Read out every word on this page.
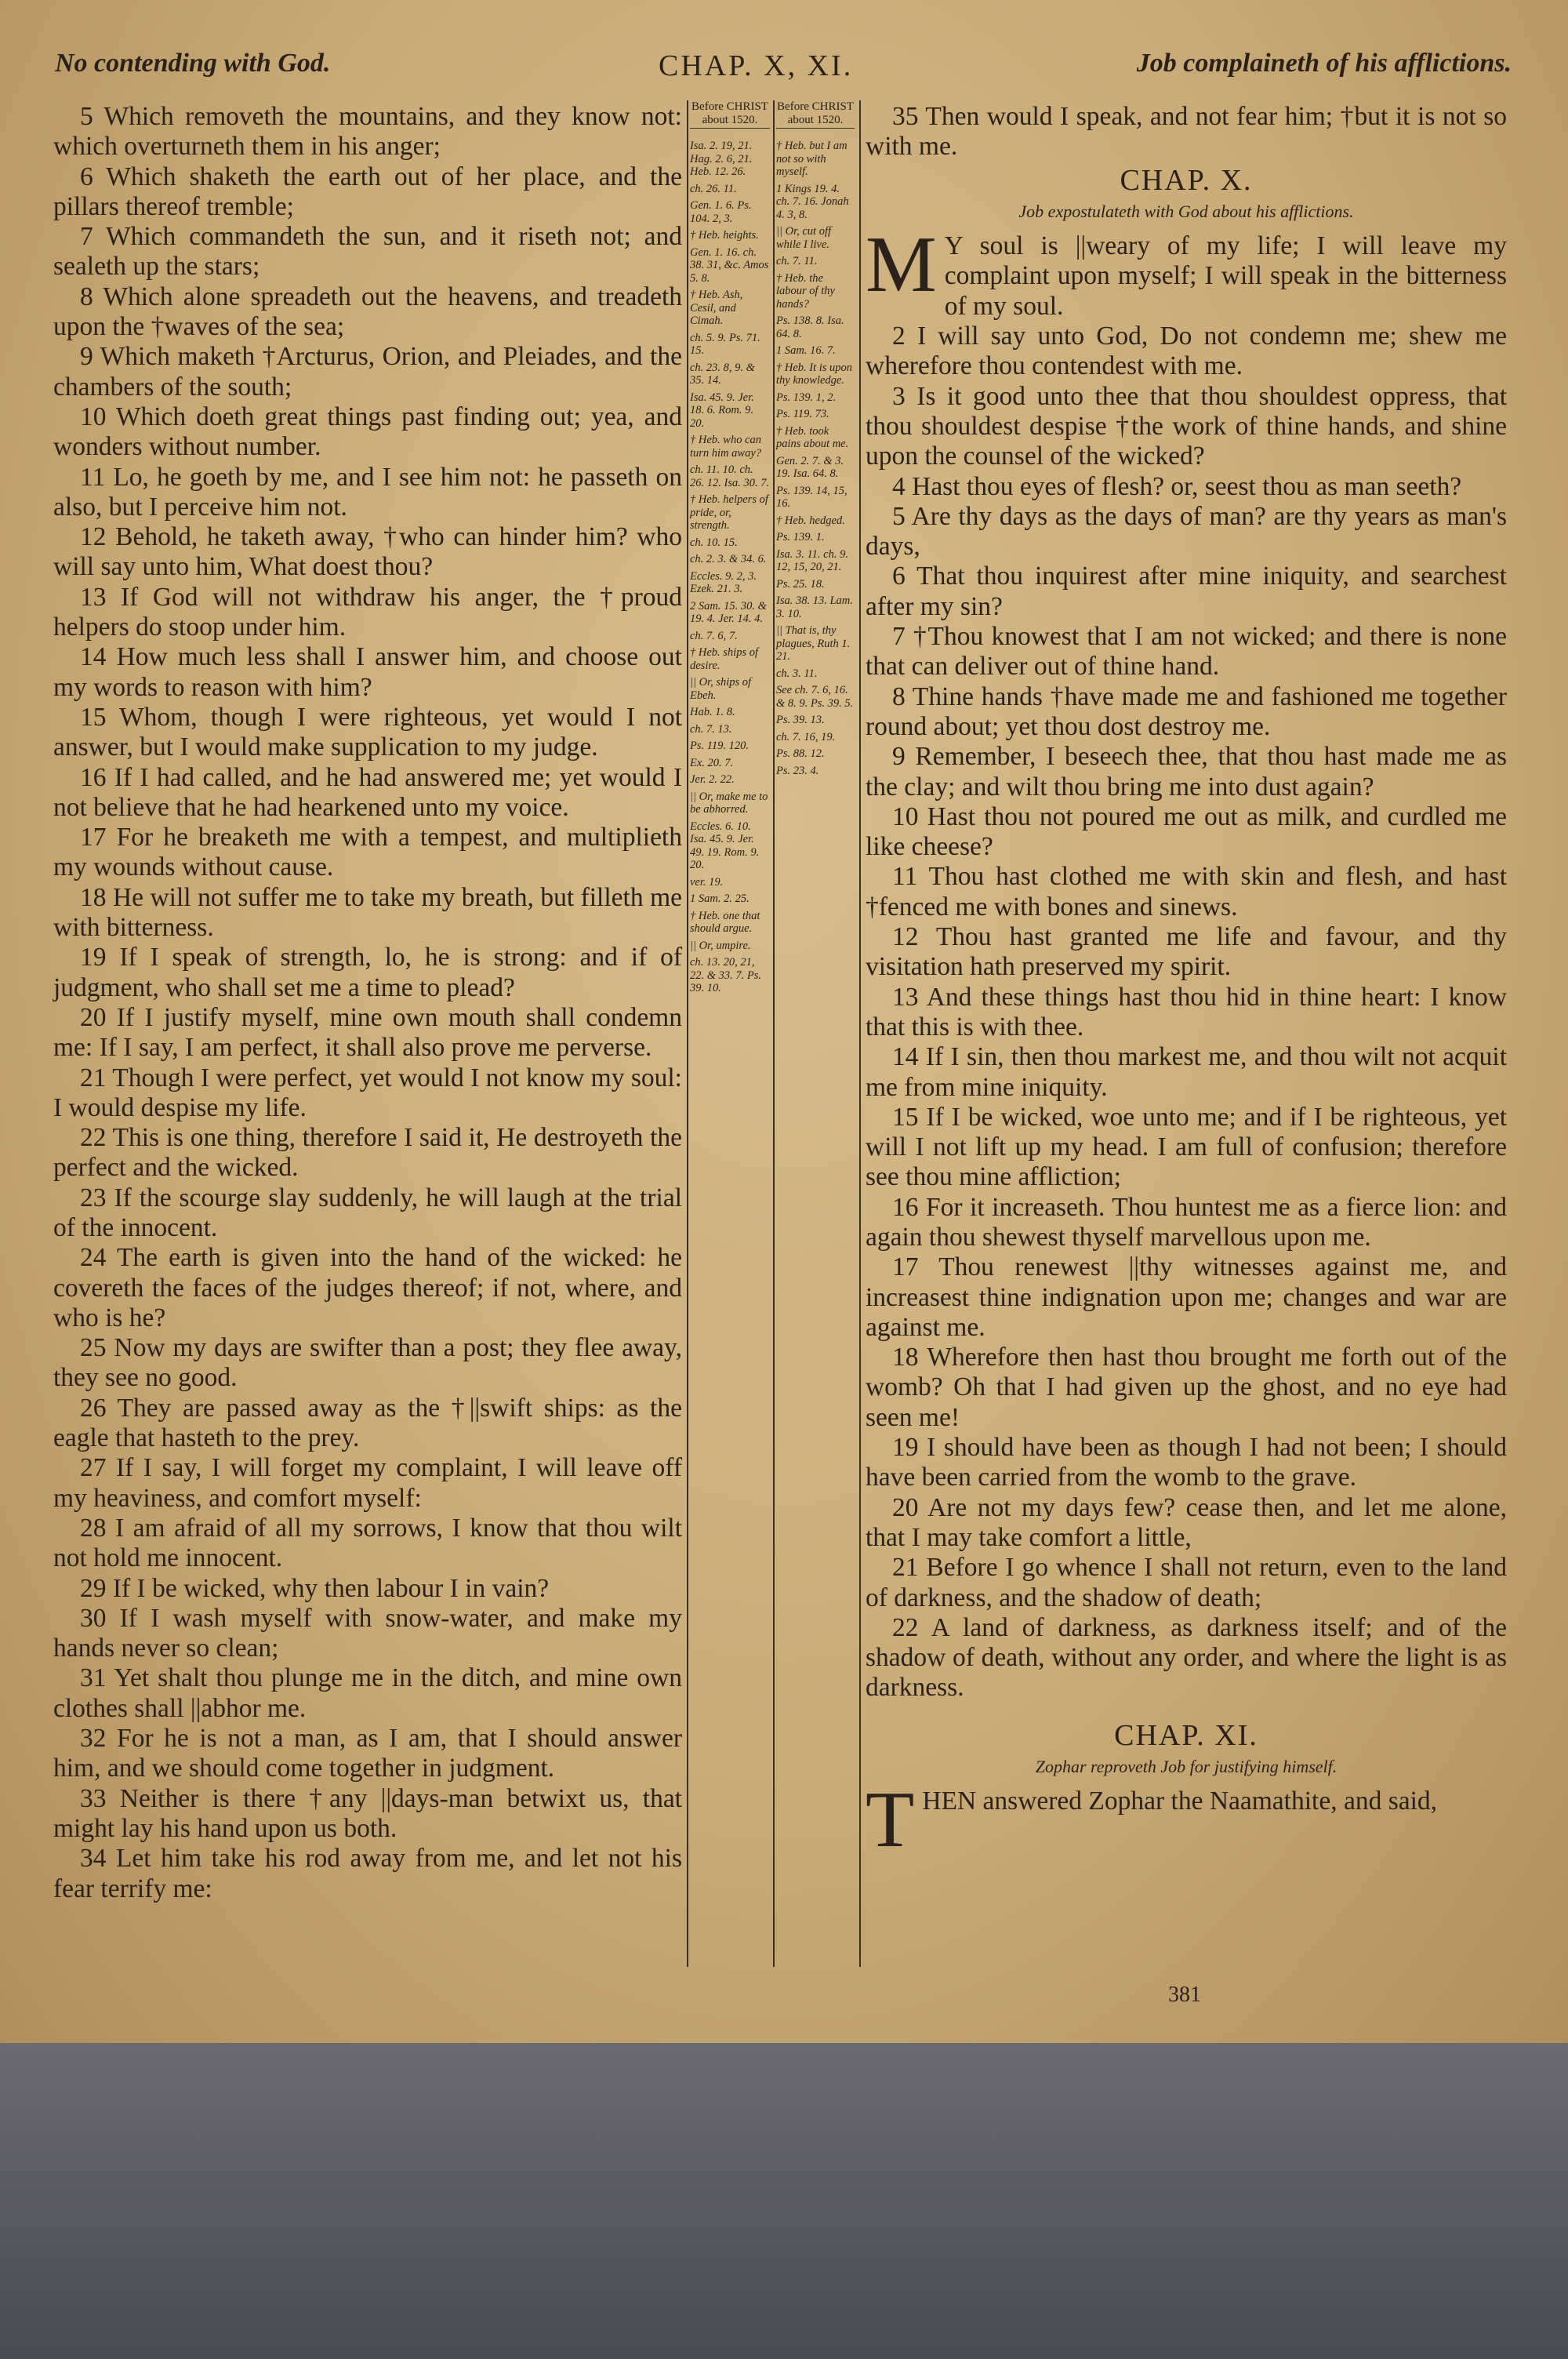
No contending with God.	CHAP. X, XI.	Job complaineth of his afflictions.

5 Which removeth the mountains, and they know not: which overturneth them in his anger;

6 Which shaketh the earth out of her place, and the pillars thereof tremble;

7 Which commandeth the sun, and it riseth not; and sealeth up the stars;

8 Which alone spreadeth out the heavens, and treadeth upon the †waves of the sea;

9 Which maketh †Arcturus, Orion, and Pleiades, and the chambers of the south;

10 Which doeth great things past finding out; yea, and wonders without number.

11 Lo, he goeth by me, and I see him not: he passeth on also, but I perceive him not.

12 Behold, he taketh away, †who can hinder him? who will say unto him, What doest thou?

13 If God will not withdraw his anger, the †proud helpers do stoop under him.

14 How much less shall I answer him, and choose out my words to reason with him?

15 Whom, though I were righteous, yet would I not answer, but I would make supplication to my judge.

16 If I had called, and he had answered me; yet would I not believe that he had hearkened unto my voice.

17 For he breaketh me with a tempest, and multiplieth my wounds without cause.

18 He will not suffer me to take my breath, but filleth me with bitterness.

19 If I speak of strength, lo, he is strong: and if of judgment, who shall set me a time to plead?

20 If I justify myself, mine own mouth shall condemn me: If I say, I am perfect, it shall also prove me perverse.

21 Though I were perfect, yet would I not know my soul: I would despise my life.

22 This is one thing, therefore I said it, He destroyeth the perfect and the wicked.

23 If the scourge slay suddenly, he will laugh at the trial of the innocent.

24 The earth is given into the hand of the wicked: he covereth the faces of the judges thereof; if not, where, and who is he?

25 Now my days are swifter than a post; they flee away, they see no good.

26 They are passed away as the †||swift ships: as the eagle that hasteth to the prey.

27 If I say, I will forget my complaint, I will leave off my heaviness, and comfort myself:

28 I am afraid of all my sorrows, I know that thou wilt not hold me innocent.

29 If I be wicked, why then labour I in vain?

30 If I wash myself with snow-water, and make my hands never so clean;

31 Yet shalt thou plunge me in the ditch, and mine own clothes shall ||abhor me.

32 For he is not a man, as I am, that I should answer him, and we should come together in judgment.

33 Neither is there †any ||days-man betwixt us, that might lay his hand upon us both.

34 Let him take his rod away from me, and let not his fear terrify me:

Before CHRIST about 1520.

Isa. 2. 19, 21. Hag. 2. 6, 21. Heb. 12. 26.

ch. 26. 11.

Gen. 1. 6. Ps. 104. 2, 3.

† Heb. heights.

Gen. 1. 16. ch. 38. 31, &c. Amos 5. 8.

† Heb. Ash, Cesil, and Cimah.

ch. 5. 9. Ps. 71. 15.

ch. 23. 8, 9. & 35. 14.

Isa. 45. 9. Jer. 18. 6. Rom. 9. 20.

† Heb. who can turn him away?

ch. 11. 10. ch. 26. 12. Isa. 30. 7.

† Heb. helpers of pride, or, strength.

ch. 10. 15.

ch. 2. 3. & 34. 6.

Eccles. 9. 2, 3. Ezek. 21. 3.

2 Sam. 15. 30. & 19. 4. Jer. 14. 4.

ch. 7. 6, 7.

† Heb. ships of desire.

|| Or, ships of Ebeh.

Hab. 1. 8.

ch. 7. 13.

Ps. 119. 120.

Ex. 20. 7.

Jer. 2. 22.

|| Or, make me to be abhorred.

Eccles. 6. 10. Isa. 45. 9. Jer. 49. 19. Rom. 9. 20.

ver. 19.

1 Sam. 2. 25.

† Heb. one that should argue.

|| Or, umpire.

ch. 13. 20, 21, 22. & 33. 7. Ps. 39. 10.

Before CHRIST about 1520.

† Heb. but I am not so with myself.

1 Kings 19. 4. ch. 7. 16. Jonah 4. 3, 8.

|| Or, cut off while I live.

ch. 7. 11.

† Heb. the labour of thy hands?

Ps. 138. 8. Isa. 64. 8.

1 Sam. 16. 7.

† Heb. It is upon thy knowledge.

Ps. 139. 1, 2.

Ps. 119. 73.

† Heb. took pains about me.

Gen. 2. 7. & 3. 19. Isa. 64. 8.

Ps. 139. 14, 15, 16.

† Heb. hedged.

Ps. 139. 1.

Isa. 3. 11. ch. 9. 12, 15, 20, 21.

Ps. 25. 18.

Isa. 38. 13. Lam. 3. 10.

|| That is, thy plagues, Ruth 1. 21.

ch. 3. 11.

See ch. 7. 6, 16. & 8. 9. Ps. 39. 5.

Ps. 39. 13.

ch. 7. 16, 19.

Ps. 88. 12.

Ps. 23. 4.

35 Then would I speak, and not fear him; †but it is not so with me.

CHAP. X.
Job expostulateth with God about his afflictions.

M Y soul is ||weary of my life; I will leave my complaint upon myself; I will speak in the bitterness of my soul.

2 I will say unto God, Do not condemn me; shew me wherefore thou contendest with me.

3 Is it good unto thee that thou shouldest oppress, that thou shouldest despise †the work of thine hands, and shine upon the counsel of the wicked?

4 Hast thou eyes of flesh? or, seest thou as man seeth?

5 Are thy days as the days of man? are thy years as man's days,

6 That thou inquirest after mine iniquity, and searchest after my sin?

7 †Thou knowest that I am not wicked; and there is none that can deliver out of thine hand.

8 Thine hands †have made me and fashioned me together round about; yet thou dost destroy me.

9 Remember, I beseech thee, that thou hast made me as the clay; and wilt thou bring me into dust again?

10 Hast thou not poured me out as milk, and curdled me like cheese?

11 Thou hast clothed me with skin and flesh, and hast †fenced me with bones and sinews.

12 Thou hast granted me life and favour, and thy visitation hath preserved my spirit.

13 And these things hast thou hid in thine heart: I know that this is with thee.

14 If I sin, then thou markest me, and thou wilt not acquit me from mine iniquity.

15 If I be wicked, woe unto me; and if I be righteous, yet will I not lift up my head. I am full of confusion; therefore see thou mine affliction;

16 For it increaseth. Thou huntest me as a fierce lion: and again thou shewest thyself marvellous upon me.

17 Thou renewest ||thy witnesses against me, and increasest thine indignation upon me; changes and war are against me.

18 Wherefore then hast thou brought me forth out of the womb? Oh that I had given up the ghost, and no eye had seen me!

19 I should have been as though I had not been; I should have been carried from the womb to the grave.

20 Are not my days few? cease then, and let me alone, that I may take comfort a little,

21 Before I go whence I shall not return, even to the land of darkness, and the shadow of death;

22 A land of darkness, as darkness itself; and of the shadow of death, without any order, and where the light is as darkness.

CHAP. XI.
Zophar reproveth Job for justifying himself.

THEN answered Zophar the Naamathite, and said,

381
